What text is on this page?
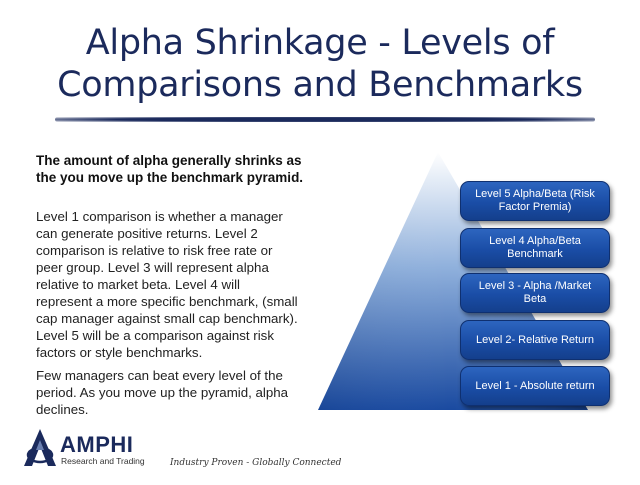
Alpha Shrinkage - Levels of Comparisons and Benchmarks
The amount of alpha generally shrinks as the you move up the benchmark pyramid.
Level 1 comparison is whether a manager can generate positive returns. Level 2 comparison is relative to risk free rate or peer group. Level 3 will represent alpha relative to market beta. Level 4 will represent a more specific benchmark, (small cap manager against small cap benchmark). Level 5 will be a comparison against risk factors or style benchmarks.
Few managers can beat every level of the period. As you move up the pyramid, alpha declines.
Level 5 Alpha/Beta (Risk Factor Premia)
Level 4 Alpha/Beta Benchmark
Level 3 - Alpha /Market Beta
Level 2- Relative Return
Level 1 - Absolute return
AMPHI
Research and Trading	Industry Proven - Globally Connected
